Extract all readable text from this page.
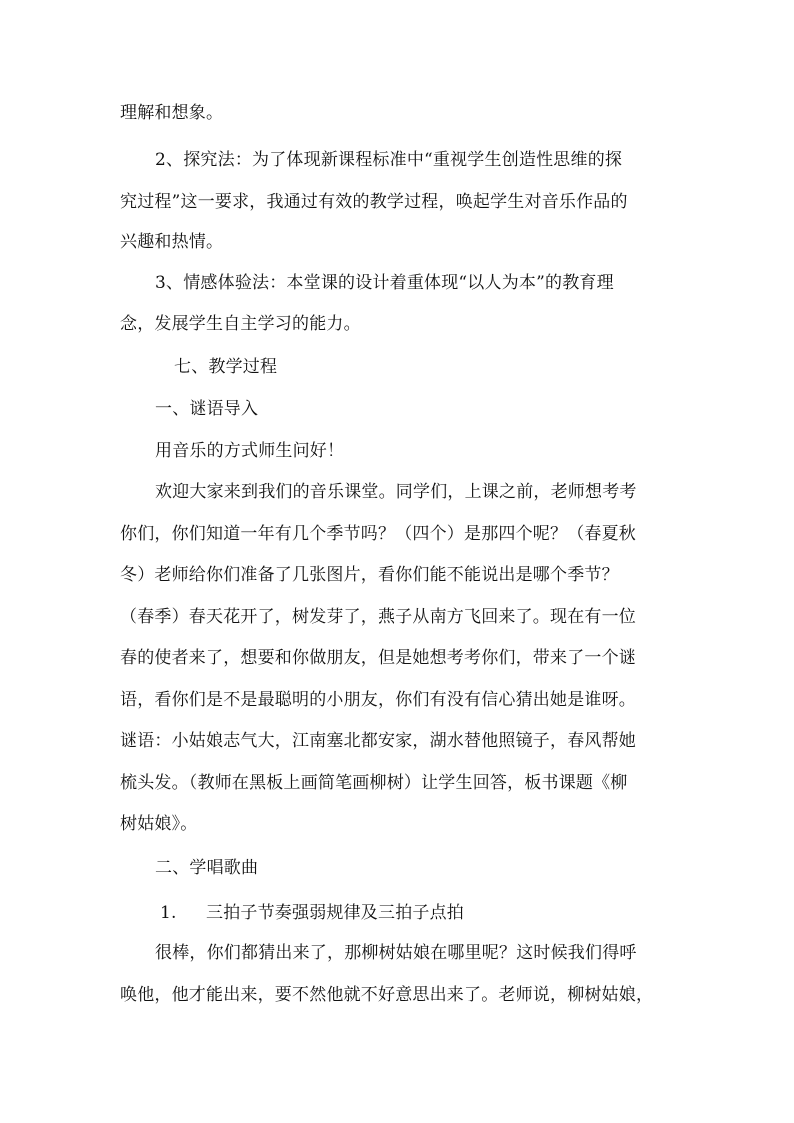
理解和想象。
2、探究法：为了体现新课程标准中“重视学生创造性思维的探
究过程”这一要求，我通过有效的教学过程，唤起学生对音乐作品的
兴趣和热情。
3、情感体验法：本堂课的设计着重体现“以人为本”的教育理
念，发展学生自主学习的能力。
七、教学过程
一、谜语导入
用音乐的方式师生问好！
欢迎大家来到我们的音乐课堂。同学们，上课之前，老师想考考
你们，你们知道一年有几个季节吗？（四个）是那四个呢？（春夏秋
冬）老师给你们准备了几张图片，看你们能不能说出是哪个季节？
（春季）春天花开了，树发芽了，燕子从南方飞回来了。现在有一位
春的使者来了，想要和你做朋友，但是她想考考你们，带来了一个谜
语，看你们是不是最聪明的小朋友，你们有没有信心猜出她是谁呀。
谜语：小姑娘志气大，江南塞北都安家，湖水替他照镜子，春风帮她
梳头发。（教师在黑板上画简笔画柳树）让学生回答，板书课题《柳
树姑娘》。
二、学唱歌曲
1. 三拍子节奏强弱规律及三拍子点拍
很棒，你们都猜出来了，那柳树姑娘在哪里呢？这时候我们得呼
唤他，他才能出来，要不然他就不好意思出来了。老师说，柳树姑娘，
